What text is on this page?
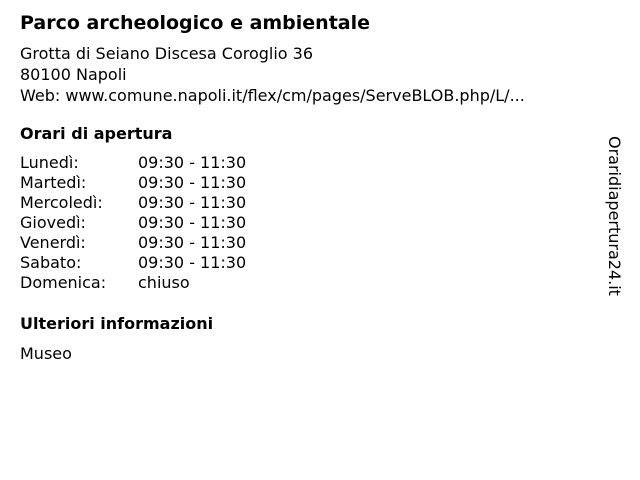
Parco archeologico e ambientale
Grotta di Seiano Discesa Coroglio 36
80100 Napoli
Web: www.comune.napoli.it/flex/cm/pages/ServeBLOB.php/L/...
Orari di apertura
Lunedì:	09:30 - 11:30
Martedì:	09:30 - 11:30
Mercoledì: 09:30 - 11:30
Giovedì:	09:30 - 11:30
Venerdì:	09:30 - 11:30
Sabato:	09:30 - 11:30
Domenica: chiuso
Ulteriori informazioni
Museo
Oraridiapertura24.it
